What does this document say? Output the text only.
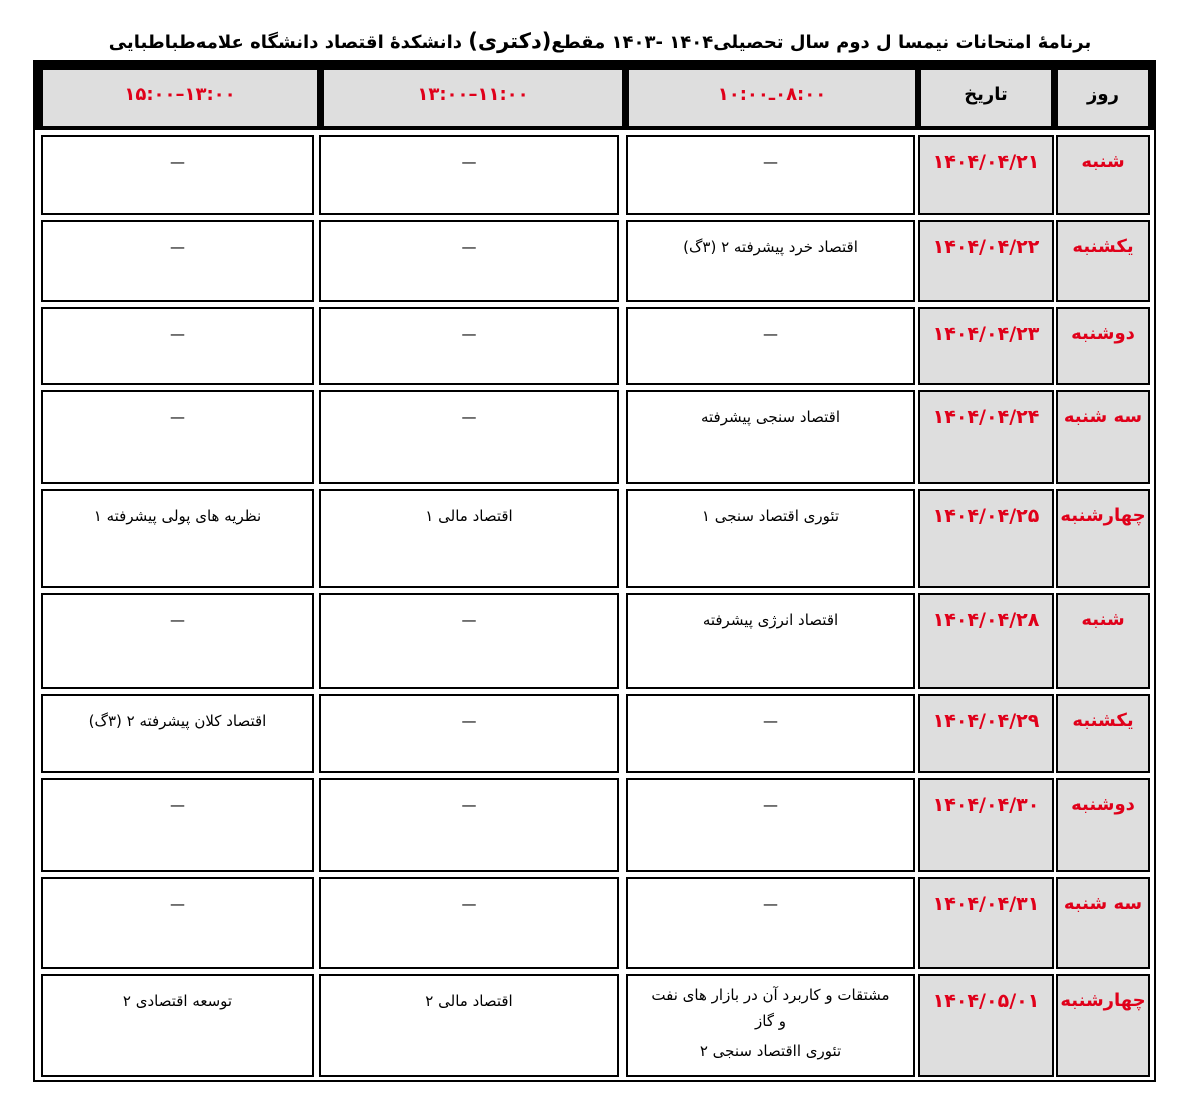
برنامۀ امتحانات نیمسا ل دوم سال تحصیلی۱۴۰۴ -۱۴۰۳ مقطع(دکتری) دانشکدۀ اقتصاد دانشگاه علامه‌طباطبایی
روز
تاریخ
۰۸:۰۰ـ۱۰:۰۰
۱۱:۰۰–۱۳:۰۰
۱۳:۰۰–۱۵:۰۰
شنبه
۱۴۰۴/۰۴/۲۱
—
—
—
یکشنبه
۱۴۰۴/۰۴/۲۲
اقتصاد خرد پیشرفته ۲ (۳گ)
—
—
دوشنبه
۱۴۰۴/۰۴/۲۳
—
—
—
سه شنبه
۱۴۰۴/۰۴/۲۴
اقتصاد سنجی پیشرفته
—
—
چهارشنبه
۱۴۰۴/۰۴/۲۵
تئوری اقتصاد سنجی ۱
اقتصاد مالی ۱
نظریه های پولی پیشرفته ۱
شنبه
۱۴۰۴/۰۴/۲۸
اقتصاد انرژی پیشرفته
—
—
یکشنبه
۱۴۰۴/۰۴/۲۹
—
—
اقتصاد کلان پیشرفته ۲ (۳گ)
دوشنبه
۱۴۰۴/۰۴/۳۰
—
—
—
سه شنبه
۱۴۰۴/۰۴/۳۱
—
—
—
چهارشنبه
۱۴۰۴/۰۵/۰۱
مشتقات و کاربرد آن در بازار های نفت و گاز
تئوری ااقتصاد سنجی ۲
اقتصاد مالی ۲
توسعه اقتصادی ۲
